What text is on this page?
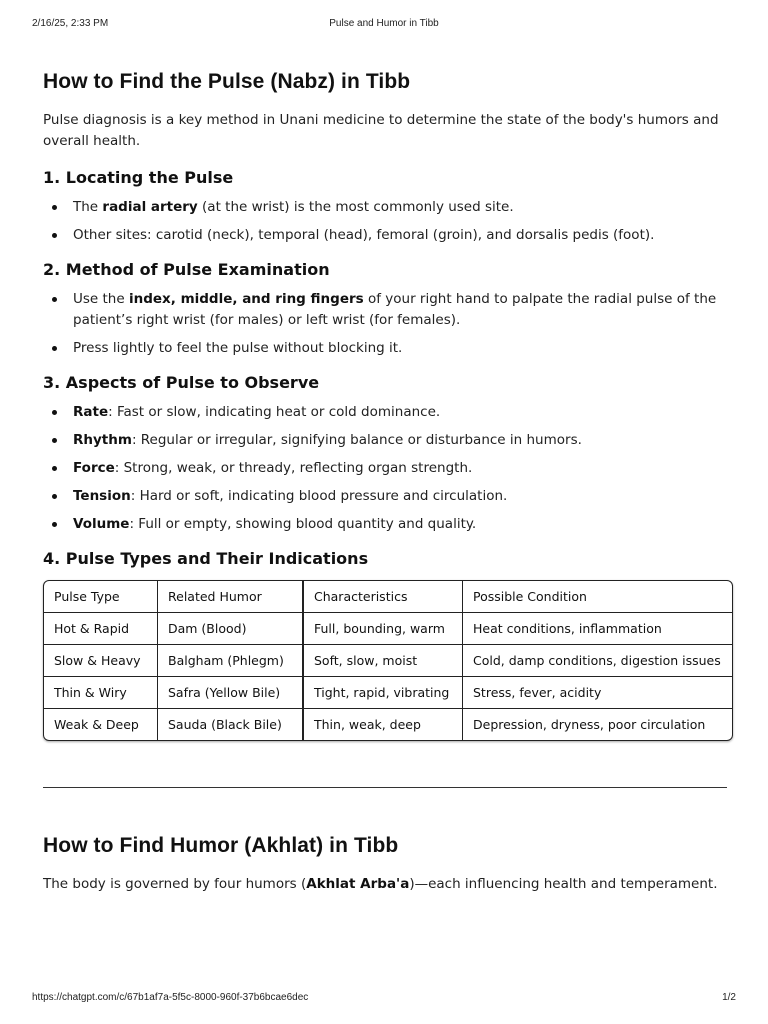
2/16/25, 2:33 PM	Pulse and Humor in Tibb
How to Find the Pulse (Nabz) in Tibb

Pulse diagnosis is a key method in Unani medicine to determine the state of the body's humors and overall health.

1. Locating the Pulse
The radial artery (at the wrist) is the most commonly used site.
Other sites: carotid (neck), temporal (head), femoral (groin), and dorsalis pedis (foot).
2. Method of Pulse Examination
Use the index, middle, and ring fingers of your right hand to palpate the radial pulse of the patient’s right wrist (for males) or left wrist (for females).
Press lightly to feel the pulse without blocking it.
3. Aspects of Pulse to Observe
Rate: Fast or slow, indicating heat or cold dominance.
Rhythm: Regular or irregular, signifying balance or disturbance in humors.
Force: Strong, weak, or thready, reflecting organ strength.
Tension: Hard or soft, indicating blood pressure and circulation.
Volume: Full or empty, showing blood quantity and quality.
4. Pulse Types and Their Indications
Pulse Type	Related Humor	Characteristics	Possible Condition
Hot & Rapid	Dam (Blood)	Full, bounding, warm	Heat conditions, inflammation
Slow & Heavy	Balgham (Phlegm)	Soft, slow, moist	Cold, damp conditions, digestion issues
Thin & Wiry	Safra (Yellow Bile)	Tight, rapid, vibrating	Stress, fever, acidity
Weak & Deep	Sauda (Black Bile)	Thin, weak, deep	Depression, dryness, poor circulation
How to Find Humor (Akhlat) in Tibb

The body is governed by four humors (Akhlat Arba'a)—each influencing health and temperament.

https://chatgpt.com/c/67b1af7a-5f5c-8000-960f-37b6bcae6dec	1/2
